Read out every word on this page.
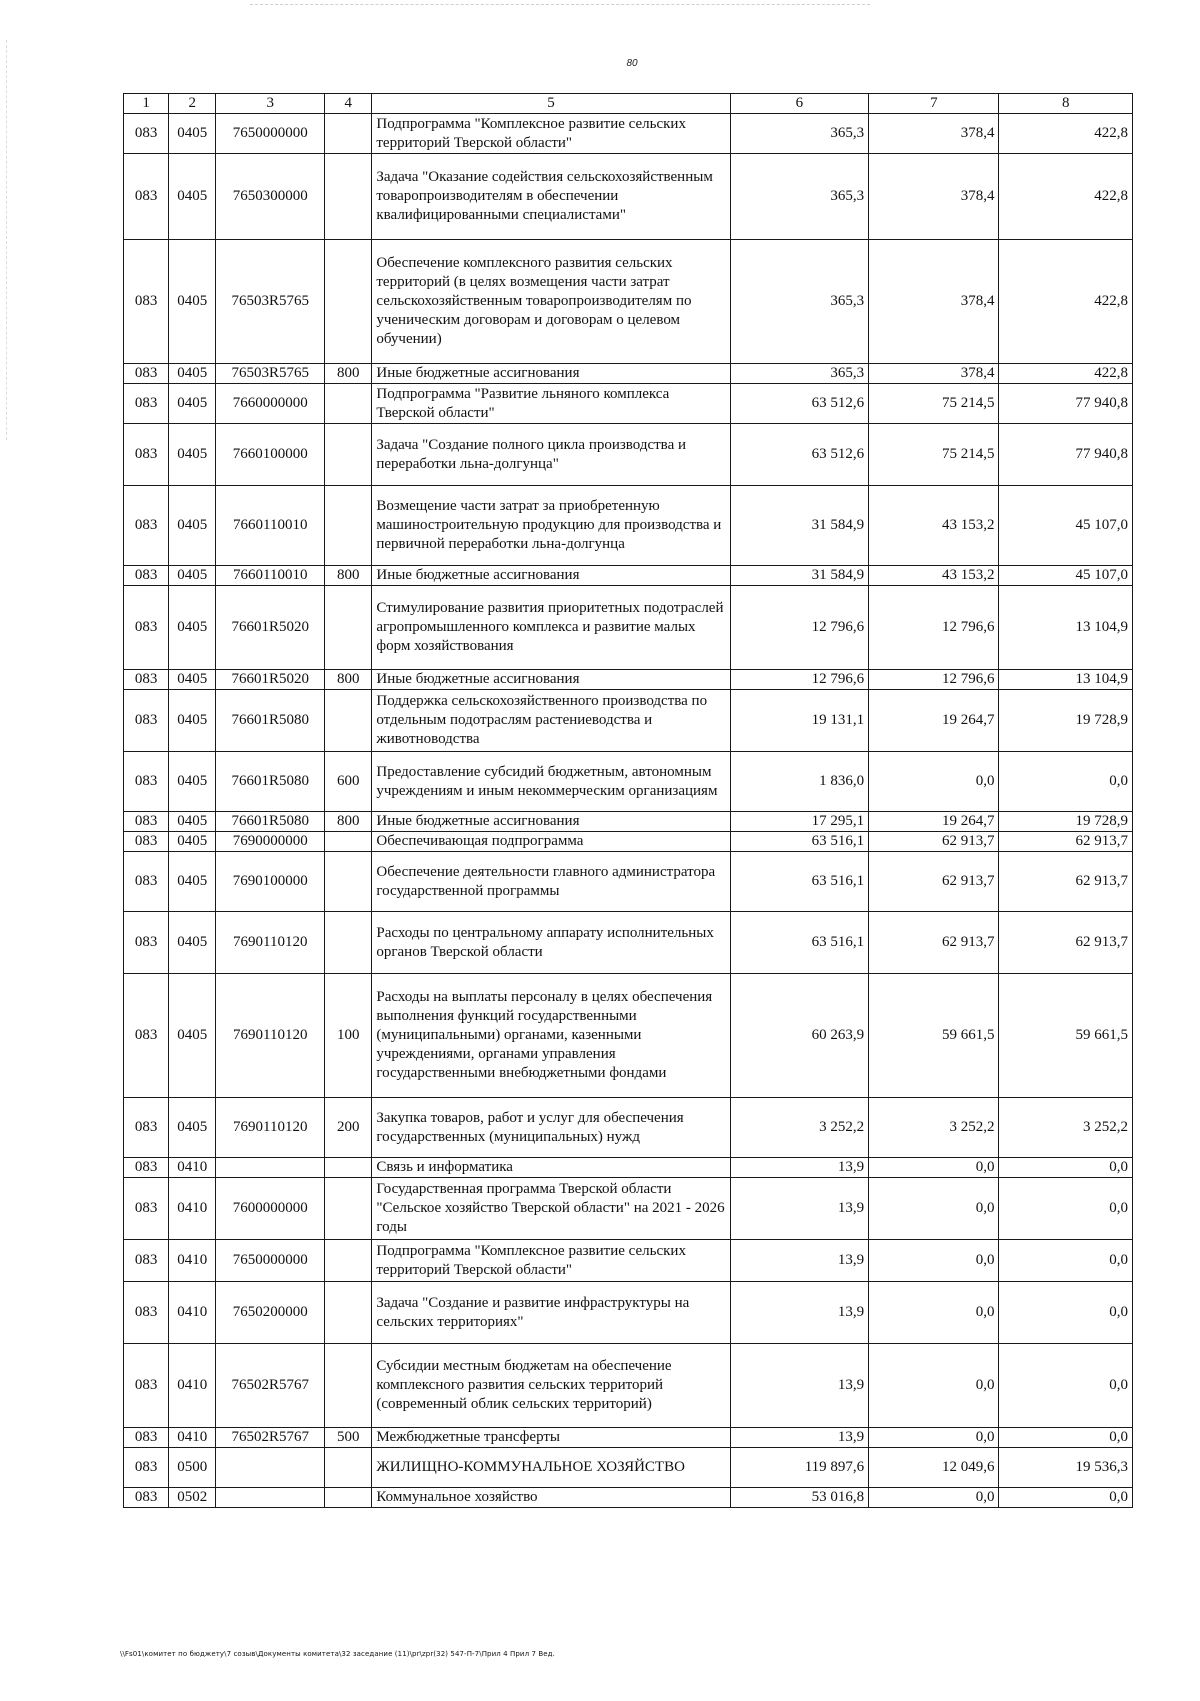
80
1	2	3	4	5	6	7	8
083	0405	7650000000		Подпрограмма "Комплексное развитие сельских территорий Тверской области"	365,3	378,4	422,8
083	0405	7650300000		Задача "Оказание содействия сельскохозяйственным товаропроизводителям в обеспечении квалифицированными специалистами"	365,3	378,4	422,8
083	0405	76503R5765		Обеспечение комплексного развития сельских территорий (в целях возмещения части затрат сельскохозяйственным товаропроизводителям по ученическим договорам и договорам о целевом обучении)	365,3	378,4	422,8
083	0405	76503R5765	800	Иные бюджетные ассигнования	365,3	378,4	422,8
083	0405	7660000000		Подпрограмма "Развитие льняного комплекса Тверской области"	63 512,6	75 214,5	77 940,8
083	0405	7660100000		Задача "Создание полного цикла производства и переработки льна-долгунца"	63 512,6	75 214,5	77 940,8
083	0405	7660110010		Возмещение части затрат за приобретенную машиностроительную продукцию для производства и первичной переработки льна-долгунца	31 584,9	43 153,2	45 107,0
083	0405	7660110010	800	Иные бюджетные ассигнования	31 584,9	43 153,2	45 107,0
083	0405	76601R5020		Стимулирование развития приоритетных подотраслей агропромышленного комплекса и развитие малых форм хозяйствования	12 796,6	12 796,6	13 104,9
083	0405	76601R5020	800	Иные бюджетные ассигнования	12 796,6	12 796,6	13 104,9
083	0405	76601R5080		Поддержка сельскохозяйственного производства по отдельным подотраслям растениеводства и животноводства	19 131,1	19 264,7	19 728,9
083	0405	76601R5080	600	Предоставление субсидий бюджетным, автономным учреждениям и иным некоммерческим организациям	1 836,0	0,0	0,0
083	0405	76601R5080	800	Иные бюджетные ассигнования	17 295,1	19 264,7	19 728,9
083	0405	7690000000		Обеспечивающая подпрограмма	63 516,1	62 913,7	62 913,7
083	0405	7690100000		Обеспечение деятельности главного администратора государственной программы	63 516,1	62 913,7	62 913,7
083	0405	7690110120		Расходы по центральному аппарату исполнительных органов Тверской области	63 516,1	62 913,7	62 913,7
083	0405	7690110120	100	Расходы на выплаты персоналу в целях обеспечения выполнения функций государственными (муниципальными) органами, казенными учреждениями, органами управления государственными внебюджетными фондами	60 263,9	59 661,5	59 661,5
083	0405	7690110120	200	Закупка товаров, работ и услуг для обеспечения государственных (муниципальных) нужд	3 252,2	3 252,2	3 252,2
083	0410			Связь и информатика	13,9	0,0	0,0
083	0410	7600000000		Государственная программа Тверской области "Сельское хозяйство Тверской области" на 2021 - 2026 годы	13,9	0,0	0,0
083	0410	7650000000		Подпрограмма "Комплексное развитие сельских территорий Тверской области"	13,9	0,0	0,0
083	0410	7650200000		Задача "Создание и развитие инфраструктуры на сельских территориях"	13,9	0,0	0,0
083	0410	76502R5767		Субсидии местным бюджетам на обеспечение комплексного развития сельских территорий (современный облик сельских территорий)	13,9	0,0	0,0
083	0410	76502R5767	500	Межбюджетные трансферты	13,9	0,0	0,0
083	0500			ЖИЛИЩНО-КОММУНАЛЬНОЕ ХОЗЯЙСТВО	119 897,6	12 049,6	19 536,3
083	0502			Коммунальное хозяйство	53 016,8	0,0	0,0
\\Fs01\комитет по бюджету\7 созыв\Документы комитета\32 заседание (11)\pr\zpr(32) 547-П-7\Прил 4 Прил 7 Вед.
